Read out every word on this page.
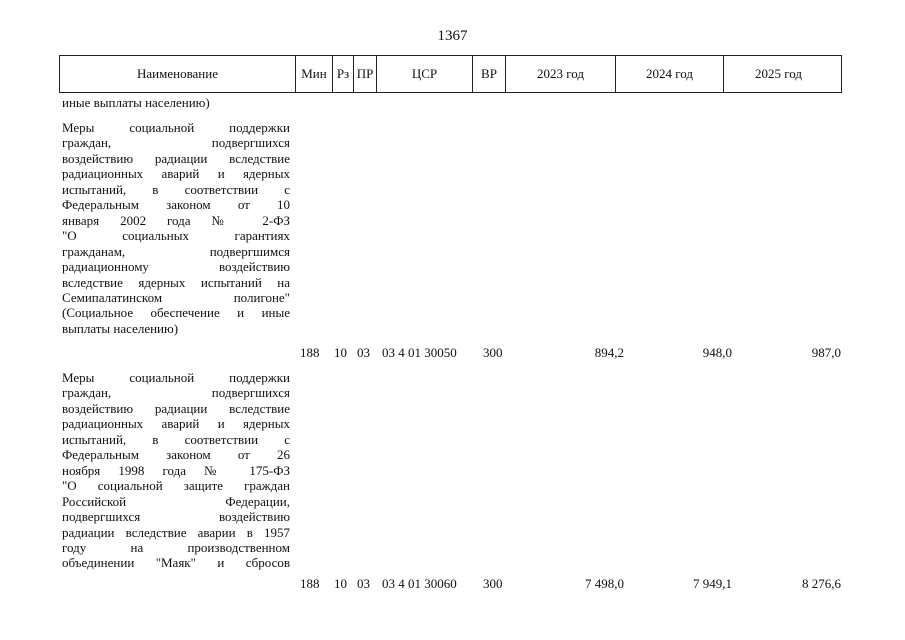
1367
Наименование	Мин Рз ПР	ЦСР	ВР	2023 год	2024 год	2025 год
иные выплаты населению)
Меры социальной поддержки
граждан, подвергшихся
воздействию радиации вследствие
радиационных аварий и ядерных
испытаний, в соответствии с
Федеральным законом от 10
января 2002 года № 2-ФЗ
"О социальных гарантиях
гражданам, подвергшимся
радиационному воздействию
вследствие ядерных испытаний на
Семипалатинском полигоне"
(Социальное обеспечение и иные
выплаты населению)
188 10 03 03 4 01 30050 300	894,2	948,0	987,0
Меры социальной поддержки
граждан, подвергшихся
воздействию радиации вследствие
радиационных аварий и ядерных
испытаний, в соответствии с
Федеральным законом от 26
ноября 1998 года № 175-ФЗ
"О социальной защите граждан
Российской Федерации,
подвергшихся воздействию
радиации вследствие аварии в 1957
году на производственном
объединении "Маяк" и сбросов
188 10 03 03 4 01 30060 300	7 498,0	7 949,1	8 276,6
